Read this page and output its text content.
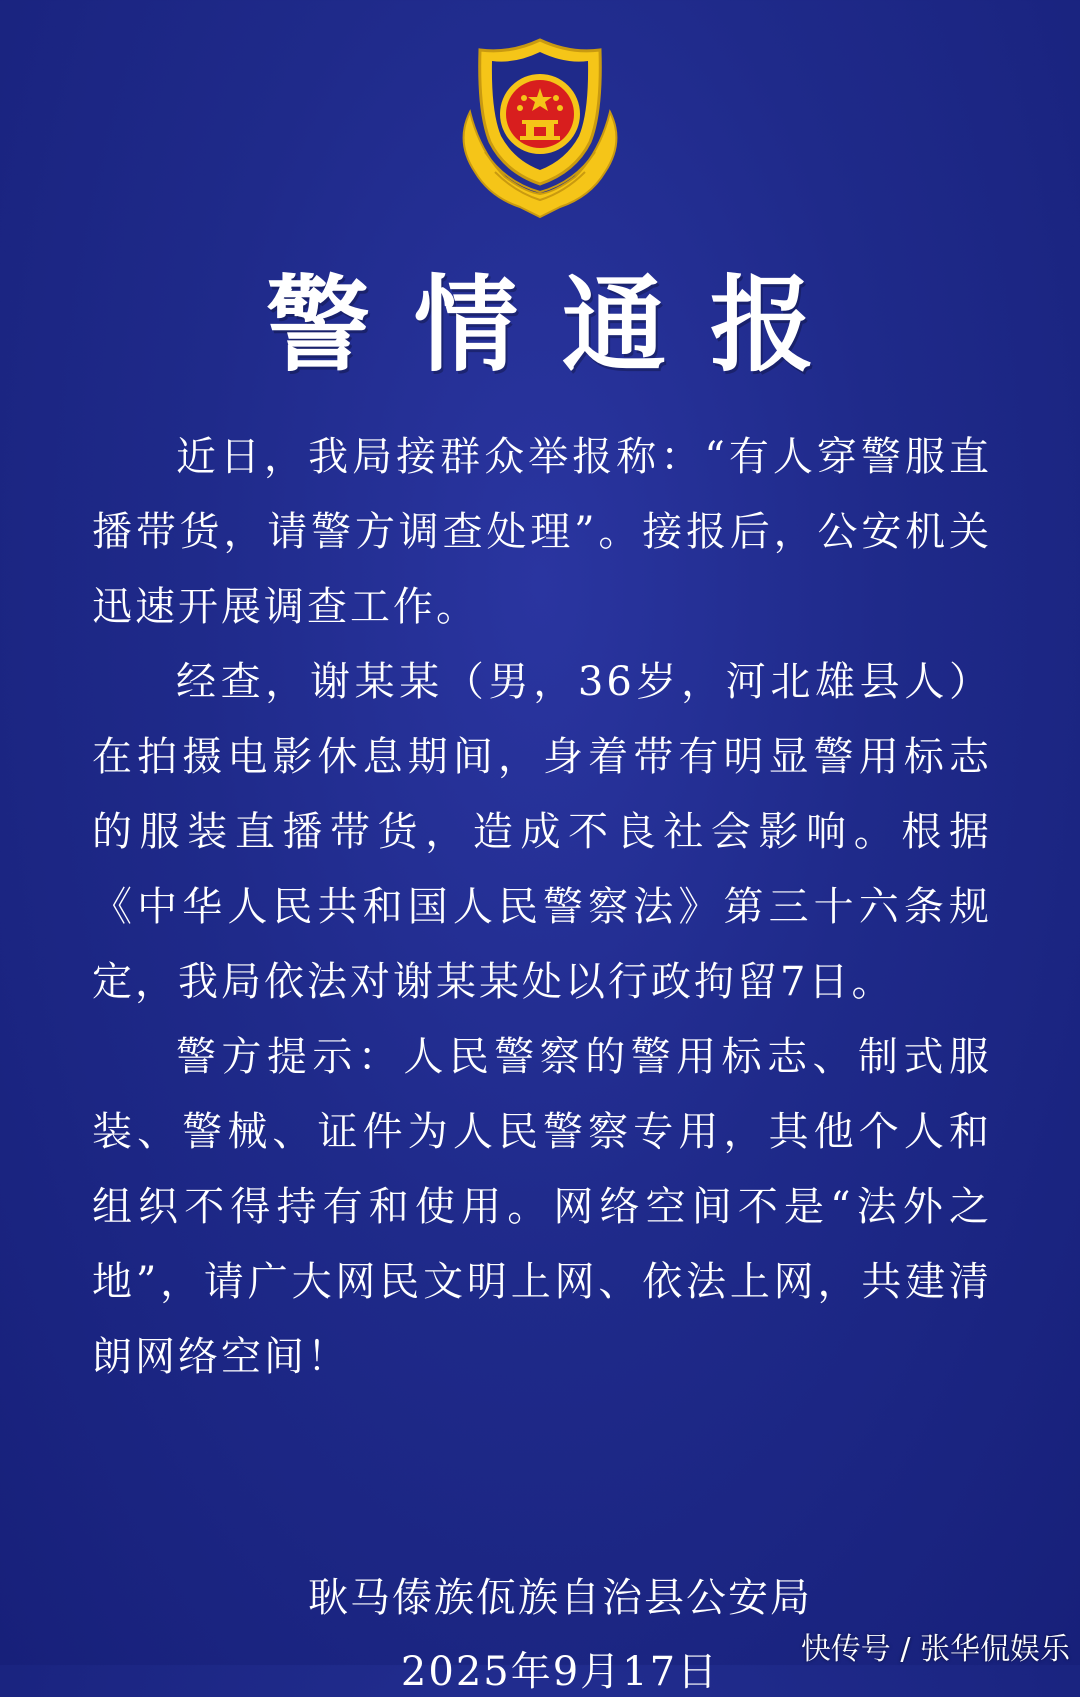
警情通报

近日，我局接群众举报称：“有人穿警服直播带货，请警方调查处理”。接报后，公安机关迅速开展调查工作。

经查，谢某某（男，36岁，河北雄县人）在拍摄电影休息期间，身着带有明显警用标志的服装直播带货，造成不良社会影响。根据《中华人民共和国人民警察法》第三十六条规定，我局依法对谢某某处以行政拘留7日。

警方提示：人民警察的警用标志、制式服装、警械、证件为人民警察专用，其他个人和组织不得持有和使用。网络空间不是“法外之地”，请广大网民文明上网、依法上网，共建清朗网络空间！

耿马傣族佤族自治县公安局
2025年9月17日	快传号 / 张华侃娱乐
